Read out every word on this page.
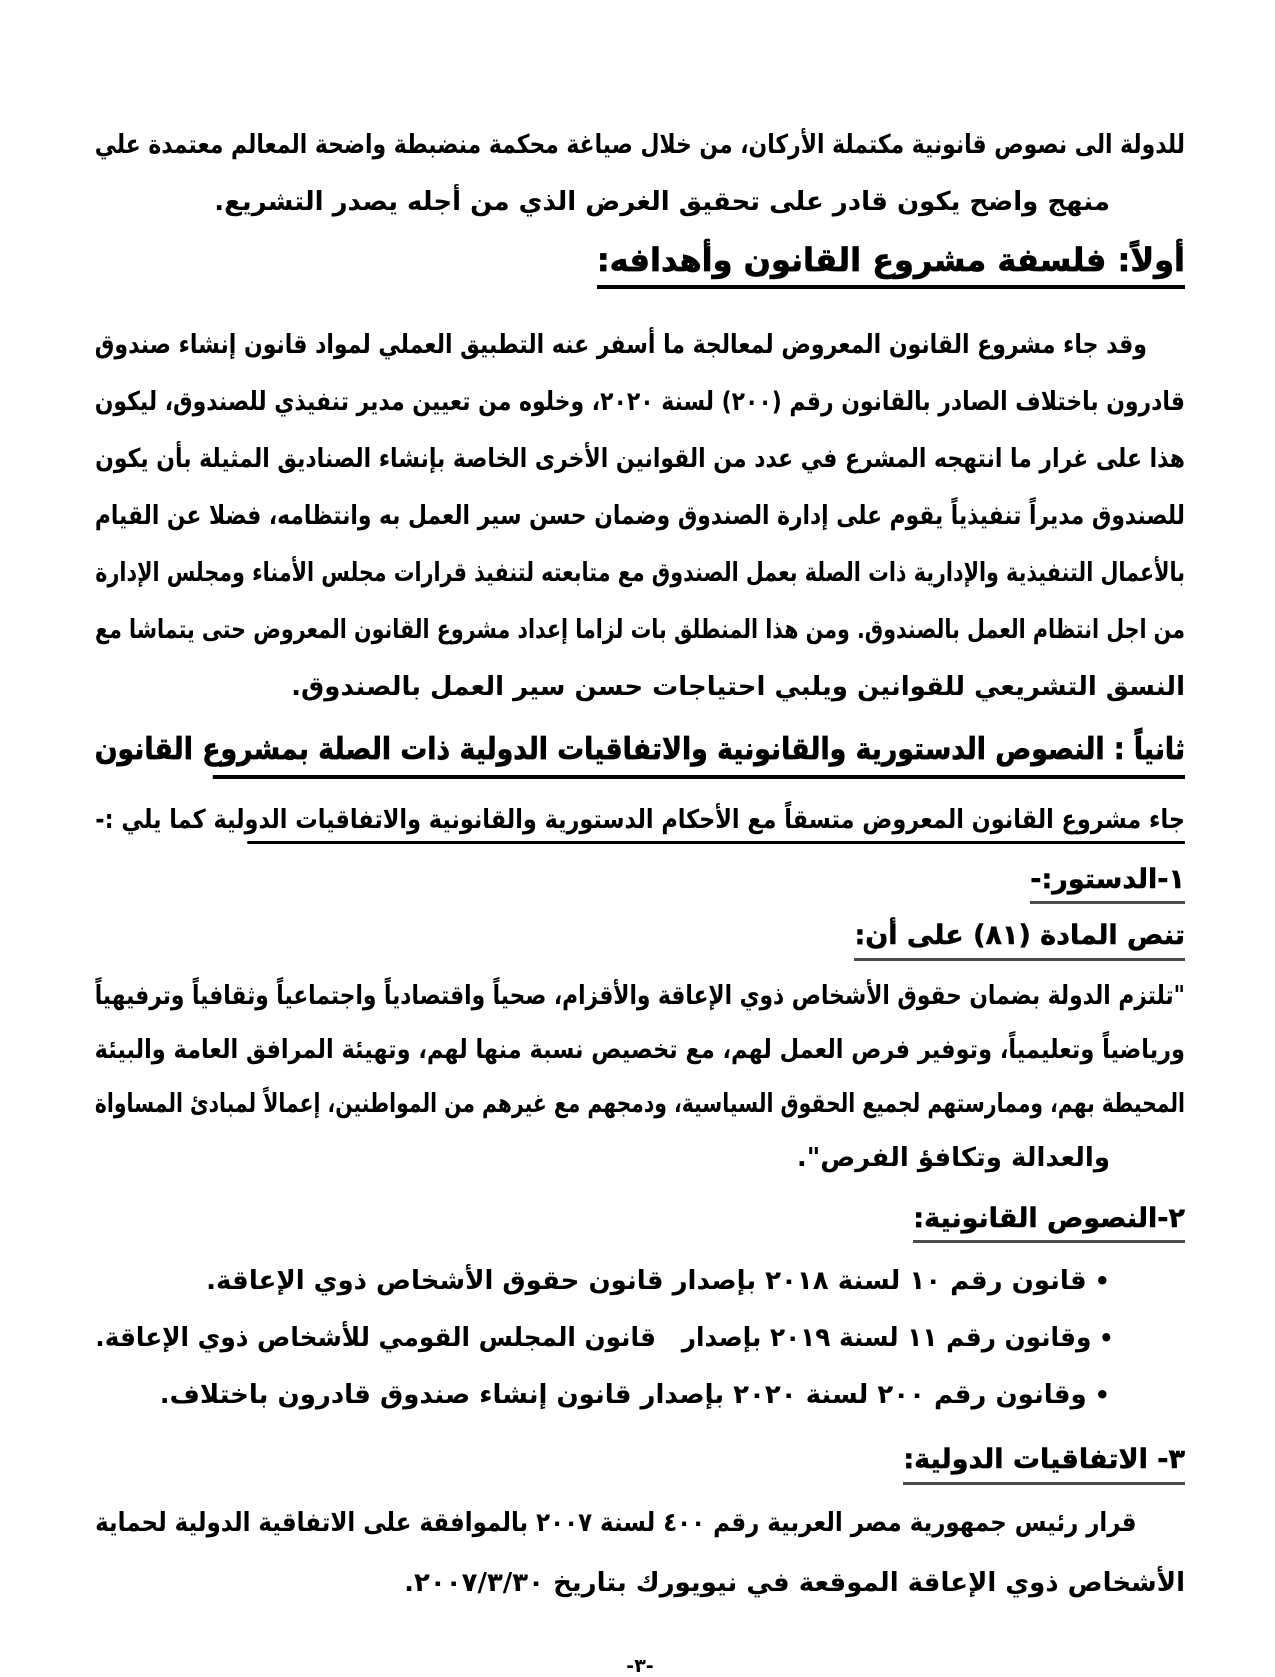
للدولة الى نصوص قانونية مكتملة الأركان، من خلال صياغة محكمة منضبطة واضحة المعالم معتمدة علي
منهج واضح يكون قادر على تحقيق الغرض الذي من أجله يصدر التشريع.
أولاً: فلسفة مشروع القانون وأهدافه:
وقد جاء مشروع القانون المعروض لمعالجة ما أسفر عنه التطبيق العملي لمواد قانون إنشاء صندوق
قادرون باختلاف الصادر بالقانون رقم (٢٠٠) لسنة ٢٠٢٠، وخلوه من تعيين مدير تنفيذي للصندوق، ليكون
هذا على غرار ما انتهجه المشرع في عدد من القوانين الأخرى الخاصة بإنشاء الصناديق المثيلة بأن يكون
للصندوق مديراً تنفيذياً يقوم على إدارة الصندوق وضمان حسن سير العمل به وانتظامه، فضلا عن القيام
بالأعمال التنفيذية والإدارية ذات الصلة بعمل الصندوق مع متابعته لتنفيذ قرارات مجلس الأمناء ومجلس الإدارة
من اجل انتظام العمل بالصندوق. ومن هذا المنطلق بات لزاما إعداد مشروع القانون المعروض حتى يتماشا مع
النسق التشريعي للقوانين ويلبي احتياجات حسن سير العمل بالصندوق.
ثانياً : النصوص الدستورية والقانونية والاتفاقيات الدولية ذات الصلة بمشروع القانون
جاء مشروع القانون المعروض متسقاً مع الأحكام الدستورية والقانونية والاتفاقيات الدولية كما يلي :-
١-الدستور:-
تنص المادة (٨١) على أن:
"تلتزم الدولة بضمان حقوق الأشخاص ذوي الإعاقة والأقزام، صحياً واقتصادياً واجتماعياً وثقافياً وترفيهياً
ورياضياً وتعليمياً، وتوفير فرص العمل لهم، مع تخصيص نسبة منها لهم، وتهيئة المرافق العامة والبيئة
المحيطة بهم، وممارستهم لجميع الحقوق السياسية، ودمجهم مع غيرهم من المواطنين، إعمالاً لمبادئ المساواة
والعدالة وتكافؤ الفرص".
٢-النصوص القانونية:
•قانون رقم ١٠ لسنة ٢٠١٨ بإصدار قانون حقوق الأشخاص ذوي الإعاقة.
•وقانون رقم ١١ لسنة ٢٠١٩ بإصدار   قانون المجلس القومي للأشخاص ذوي الإعاقة.
•وقانون رقم ٢٠٠ لسنة ٢٠٢٠ بإصدار قانون إنشاء صندوق قادرون باختلاف.
٣- الاتفاقيات الدولية:
قرار رئيس جمهورية مصر العربية رقم ٤٠٠ لسنة ٢٠٠٧ بالموافقة على الاتفاقية الدولية لحماية
الأشخاص ذوي الإعاقة الموقعة في نيويورك بتاريخ ٢٠٠٧/٣/٣٠.
-٣-
